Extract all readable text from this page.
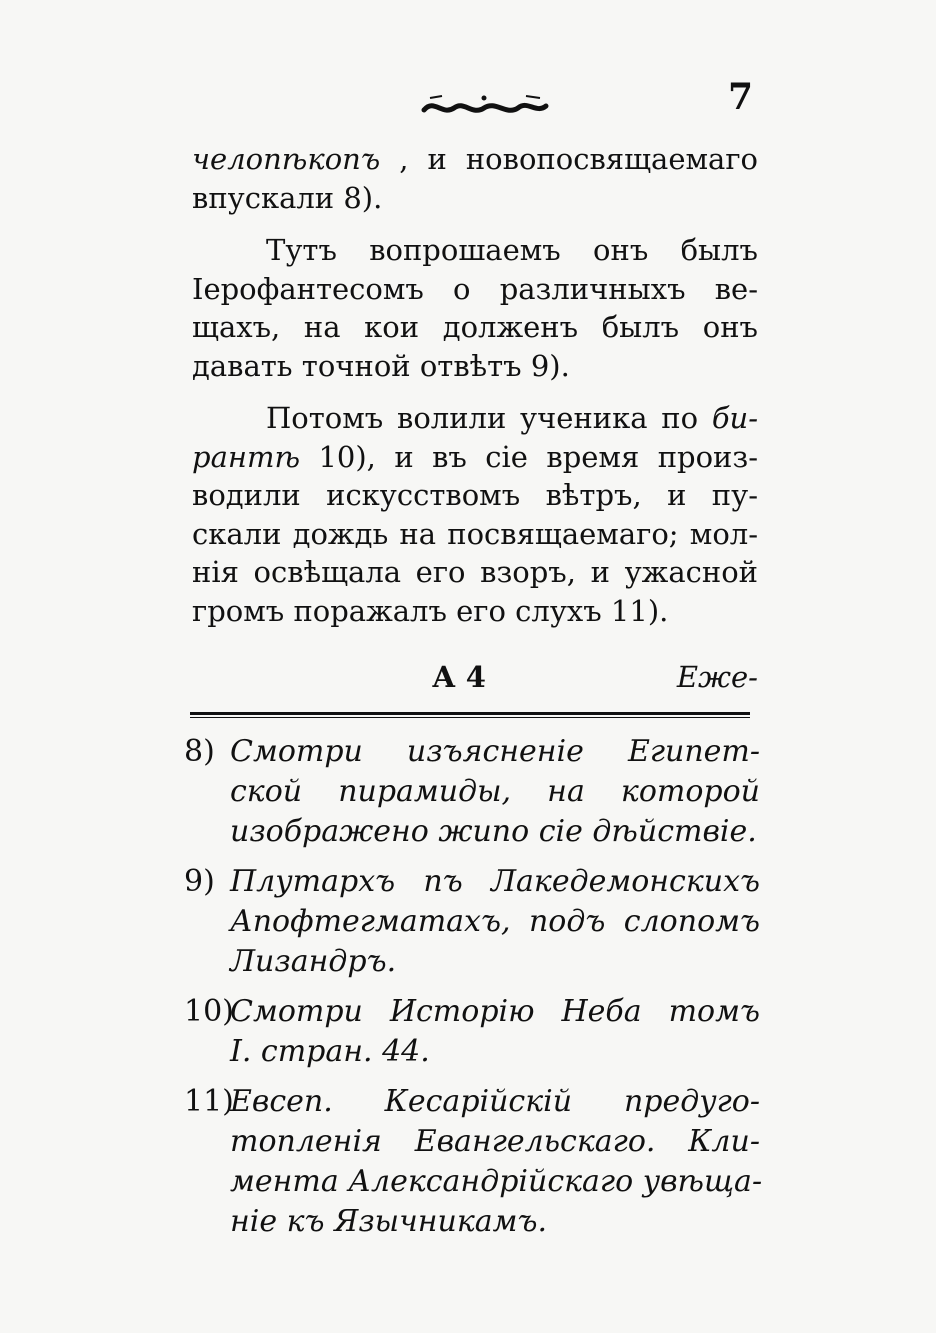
7

челопѣкопъ , и новопосвящаемаго
впускали 8).

Тутъ вопрошаемъ онъ былъ
Іерофантесомъ о различныхъ ве-
щахъ, на кои долженъ былъ онъ
давать точной отвѣтъ 9).

Потомъ волили ученика по би-
рантѣ 10), и въ сіе время произ-
водили искусствомъ вѣтръ, и пу-
скали дождь на посвящаемаго; мол-
нія освѣщала его взоръ, и ужасной
громъ поражалъ его слухъ 11).

А 4	Еже-
8) Смотри изъясненіе Египет-
ской пирамиды, на которой
изображено жипо сіе дѣйствіе.
9) Плутархъ пъ Лакедемонскихъ
Апофтегматахъ, подъ слопомъ
Лизандръ.
10)
Смотри Исторію Неба томъ
I. стран. 44.
11)
Евсеп. Кесарійскій предуго-
топленія Евангельскаго. Кли-
мента Александрійскаго увѣща-
ніе къ Язычникамъ.
